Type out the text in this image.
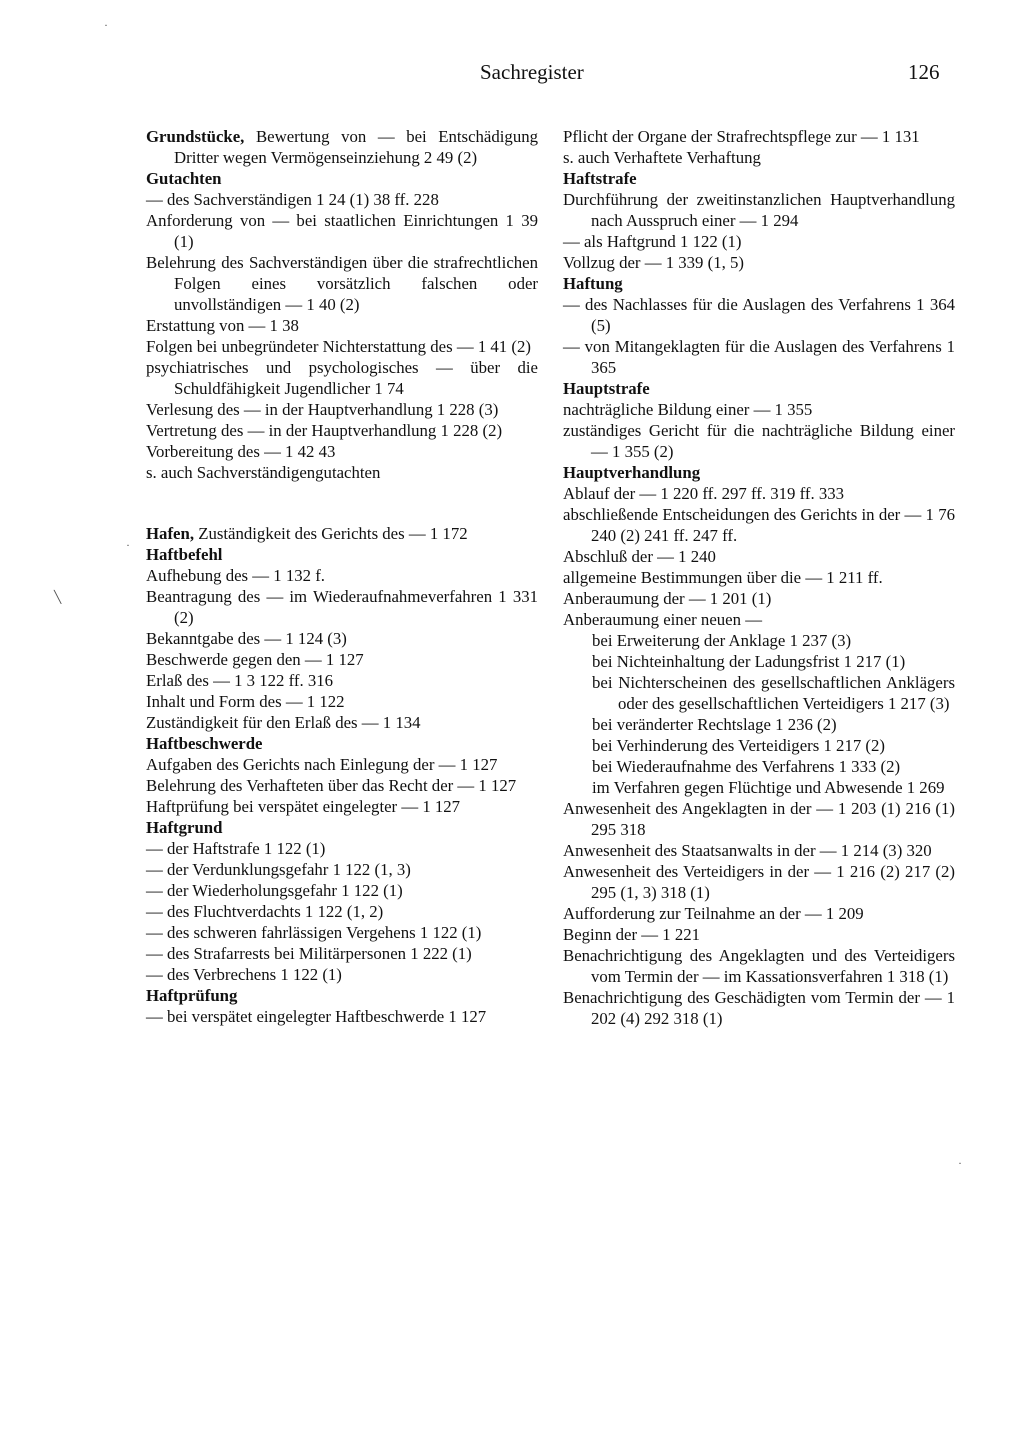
Sachregister	126
Grundstücke, Bewertung von — bei Entschädigung Dritter wegen Vermögenseinziehung 2 49 (2)
Gutachten
— des Sachverständigen 1 24 (1) 38 ff. 228
Anforderung von — bei staatlichen Einrichtungen 1 39 (1)
Belehrung des Sachverständigen über die strafrechtlichen Folgen eines vorsätzlich falschen oder unvollständigen — 1 40 (2)
Erstattung von — 1 38
Folgen bei unbegründeter Nichterstattung des — 1 41 (2)
psychiatrisches und psychologisches — über die Schuldfähigkeit Jugendlicher 1 74
Verlesung des — in der Hauptverhandlung 1 228 (3)
Vertretung des — in der Hauptverhandlung 1 228 (2)
Vorbereitung des — 1 42 43
s. auch Sachverständigengutachten
Hafen, Zuständigkeit des Gerichts des — 1 172
Haftbefehl
Aufhebung des — 1 132 f.
Beantragung des — im Wiederaufnahmeverfahren 1 331 (2)
Bekanntgabe des — 1 124 (3)
Beschwerde gegen den — 1 127
Erlaß des — 1 3 122 ff. 316
Inhalt und Form des — 1 122
Zuständigkeit für den Erlaß des — 1 134
Haftbeschwerde
Aufgaben des Gerichts nach Einlegung der — 1 127
Belehrung des Verhafteten über das Recht der — 1 127
Haftprüfung bei verspätet eingelegter — 1 127
Haftgrund
— der Haftstrafe 1 122 (1)
— der Verdunklungsgefahr 1 122 (1, 3)
— der Wiederholungsgefahr 1 122 (1)
— des Fluchtverdachts 1 122 (1, 2)
— des schweren fahrlässigen Vergehens 1 122 (1)
— des Strafarrests bei Militärpersonen 1 222 (1)
— des Verbrechens 1 122 (1)
Haftprüfung
— bei verspätet eingelegter Haftbeschwerde 1 127
Pflicht der Organe der Strafrechtspflege zur — 1 131
s. auch Verhaftete Verhaftung
Haftstrafe
Durchführung der zweitinstanzlichen Hauptverhandlung nach Ausspruch einer — 1 294
— als Haftgrund 1 122 (1)
Vollzug der — 1 339 (1, 5)
Haftung
— des Nachlasses für die Auslagen des Verfahrens 1 364 (5)
— von Mitangeklagten für die Auslagen des Verfahrens 1 365
Hauptstrafe
nachträgliche Bildung einer — 1 355
zuständiges Gericht für die nachträgliche Bildung einer — 1 355 (2)
Hauptverhandlung
Ablauf der — 1 220 ff. 297 ff. 319 ff. 333
abschließende Entscheidungen des Gerichts in der — 1 76 240 (2) 241 ff. 247 ff.
Abschluß der — 1 240
allgemeine Bestimmungen über die — 1 211 ff.
Anberaumung der — 1 201 (1)
Anberaumung einer neuen —
bei Erweiterung der Anklage 1 237 (3)
bei Nichteinhaltung der Ladungsfrist 1 217 (1)
bei Nichterscheinen des gesellschaftlichen Anklägers oder des gesellschaftlichen Verteidigers 1 217 (3)
bei veränderter Rechtslage 1 236 (2)
bei Verhinderung des Verteidigers 1 217 (2)
bei Wiederaufnahme des Verfahrens 1 333 (2)
im Verfahren gegen Flüchtige und Abwesende 1 269
Anwesenheit des Angeklagten in der — 1 203 (1) 216 (1) 295 318
Anwesenheit des Staatsanwalts in der — 1 214 (3) 320
Anwesenheit des Verteidigers in der — 1 216 (2) 217 (2) 295 (1, 3) 318 (1)
Aufforderung zur Teilnahme an der — 1 209
Beginn der — 1 221
Benachrichtigung des Angeklagten und des Verteidigers vom Termin der — im Kassationsverfahren 1 318 (1)
Benachrichtigung des Geschädigten vom Termin der — 1 202 (4) 292 318 (1)
·
·
╲
·
